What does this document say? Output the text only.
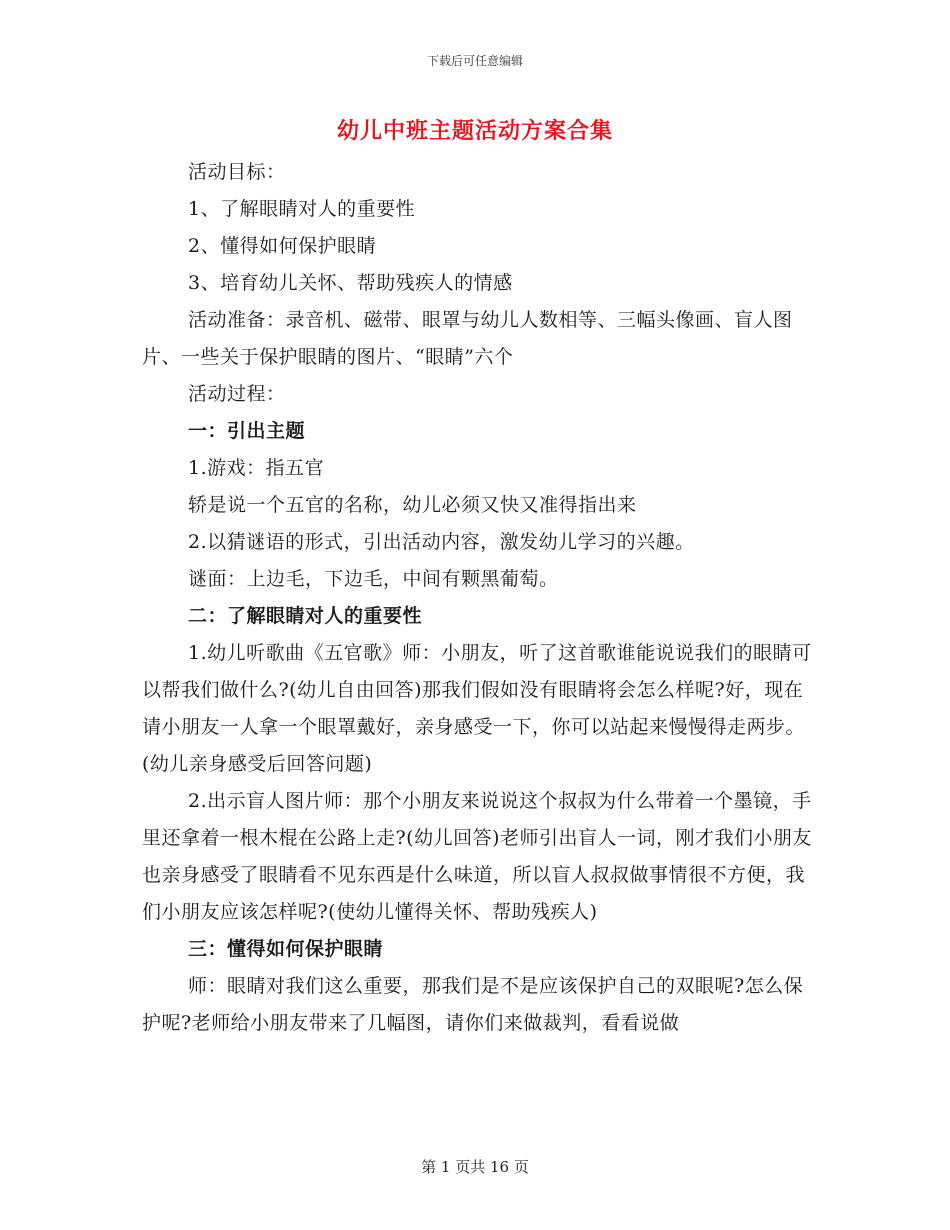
下载后可任意编辑
幼儿中班主题活动方案合集

活动目标：

1、了解眼睛对人的重要性

2、懂得如何保护眼睛

3、培育幼儿关怀、帮助残疾人的情感

活动准备：录音机、磁带、眼罩与幼儿人数相等、三幅头像画、盲人图片、一些关于保护眼睛的图片、“眼睛”六个

活动过程：

一：引出主题

1.游戏：指五官

轿是说一个五官的名称，幼儿必须又快又准得指出来

2.以猜谜语的形式，引出活动内容，激发幼儿学习的兴趣。

谜面：上边毛，下边毛，中间有颗黑葡萄。

二：了解眼睛对人的重要性

1.幼儿听歌曲《五官歌》师：小朋友，听了这首歌谁能说说我们的眼睛可以帮我们做什么?(幼儿自由回答)那我们假如没有眼睛将会怎么样呢?好，现在请小朋友一人拿一个眼罩戴好，亲身感受一下，你可以站起来慢慢得走两步。(幼儿亲身感受后回答问题)

2.出示盲人图片师：那个小朋友来说说这个叔叔为什么带着一个墨镜，手里还拿着一根木棍在公路上走?(幼儿回答)老师引出盲人一词，刚才我们小朋友也亲身感受了眼睛看不见东西是什么味道，所以盲人叔叔做事情很不方便，我们小朋友应该怎样呢?(使幼儿懂得关怀、帮助残疾人)

三：懂得如何保护眼睛

师：眼睛对我们这么重要，那我们是不是应该保护自己的双眼呢?怎么保护呢?老师给小朋友带来了几幅图，请你们来做裁判，看看说做

第 1 页共 16 页
